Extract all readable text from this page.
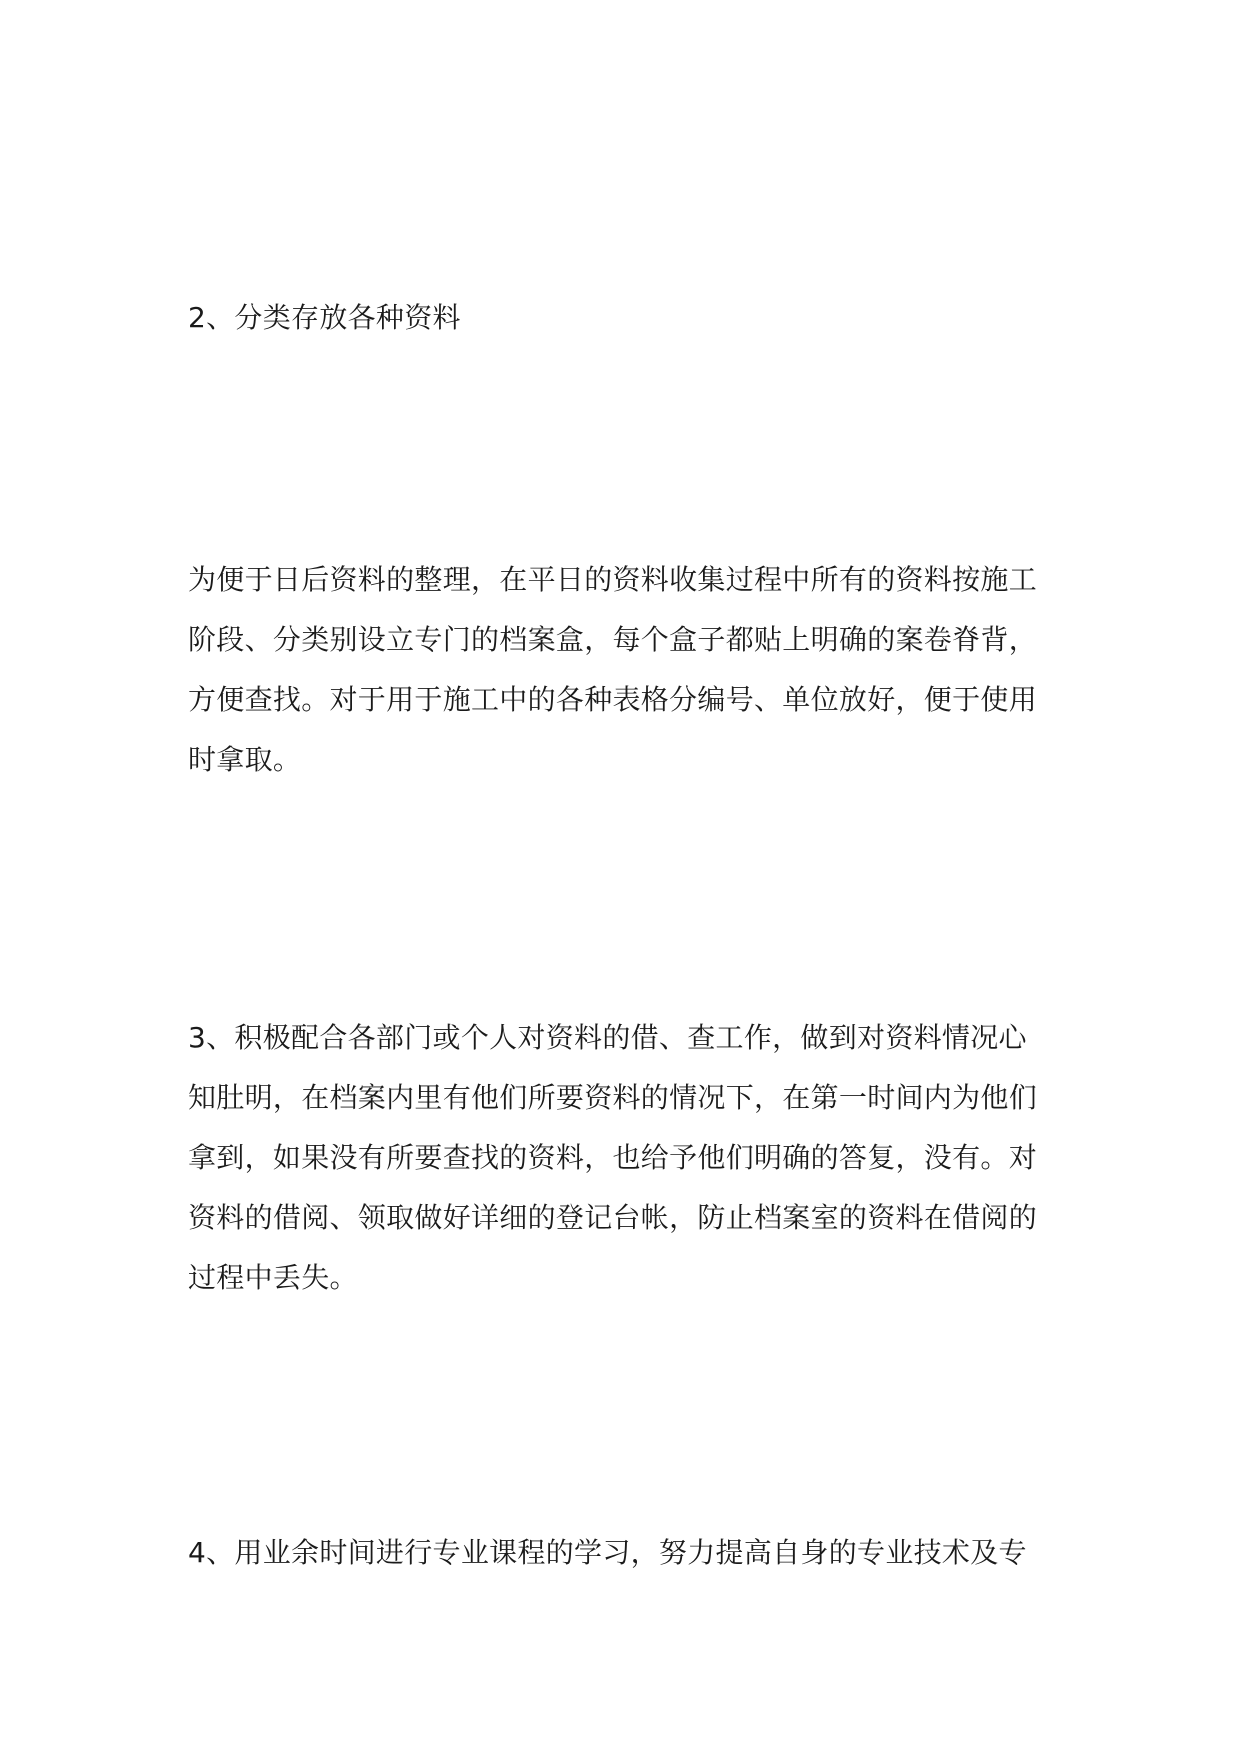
2、分类存放各种资料
为便于日后资料的整理，在平日的资料收集过程中所有的资料按施工
阶段、分类别设立专门的档案盒，每个盒子都贴上明确的案卷脊背，
方便查找。对于用于施工中的各种表格分编号、单位放好，便于使用
时拿取。
3、积极配合各部门或个人对资料的借、查工作，做到对资料情况心
知肚明，在档案内里有他们所要资料的情况下，在第一时间内为他们
拿到，如果没有所要查找的资料，也给予他们明确的答复，没有。对
资料的借阅、领取做好详细的登记台帐，防止档案室的资料在借阅的
过程中丢失。
4、用业余时间进行专业课程的学习，努力提高自身的专业技术及专
